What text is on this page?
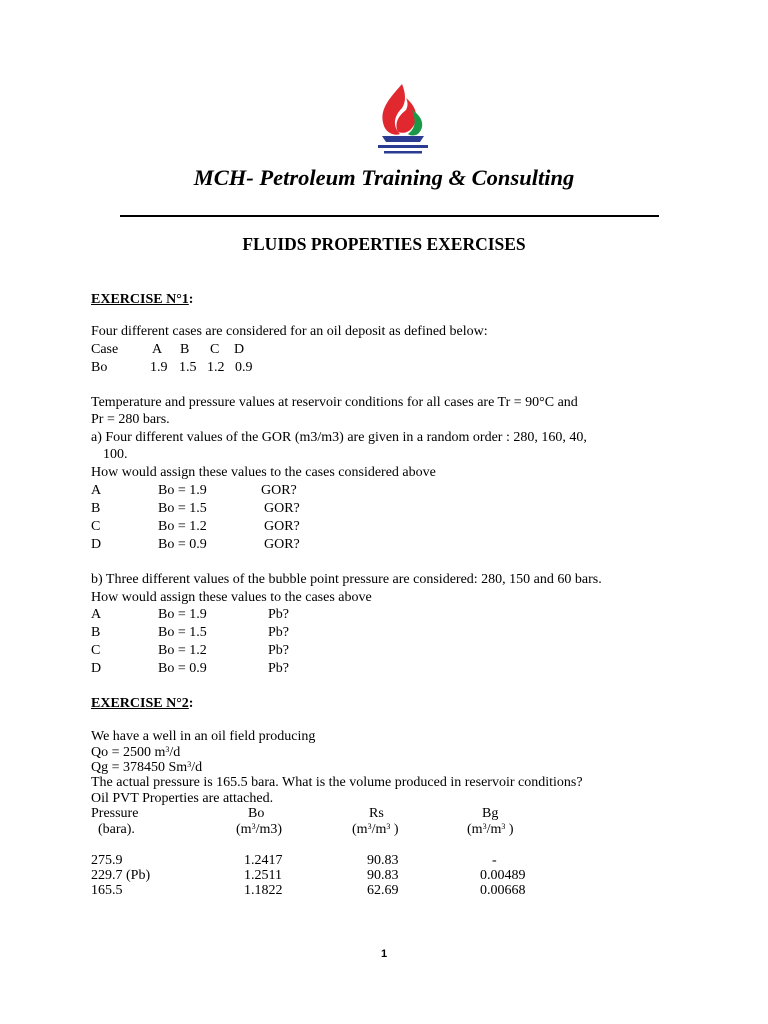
MCH- Petroleum Training & Consulting
FLUIDS PROPERTIES EXERCISES
EXERCISE N°1:
Four different cases are considered for an oil deposit as defined below:
Case A B C D
Bo	1.9 1.5 1.2 0.9
Temperature and pressure values at reservoir conditions for all cases are Tr = 90°C and
Pr = 280 bars.
a) Four different values of the GOR (m3/m3) are given in a random order : 280, 160, 40,
100.
How would assign these values to the cases considered above
A	Bo = 1.9	GOR?
B	Bo = 1.5	GOR?
C	Bo = 1.2	GOR?
D	Bo = 0.9	GOR?
b) Three different values of the bubble point pressure are considered: 280, 150 and 60 bars.
How would assign these values to the cases above
A	Bo = 1.9	Pb?
B	Bo = 1.5	Pb?
C	Bo = 1.2	Pb?
D	Bo = 0.9	Pb?
EXERCISE N°2:
We have a well in an oil field producing
Qo = 2500 $m^3/d$
Qg = 378450 Sm$^3$/d
The actual pressure is 165.5 bara. What is the volume produced in reservoir conditions?
Oil PVT Properties are attached.
Pressure	Bo	Rs	Bg
(bara).	$(m^3/m3)$	($m^3/m^3$ )	($m^3/m^3$ )
275.9	1.2417	90.83	-
229.7 (Pb)	1.2511	90.83	0.00489
165.5	1.1822	62.69	0.00668
1
